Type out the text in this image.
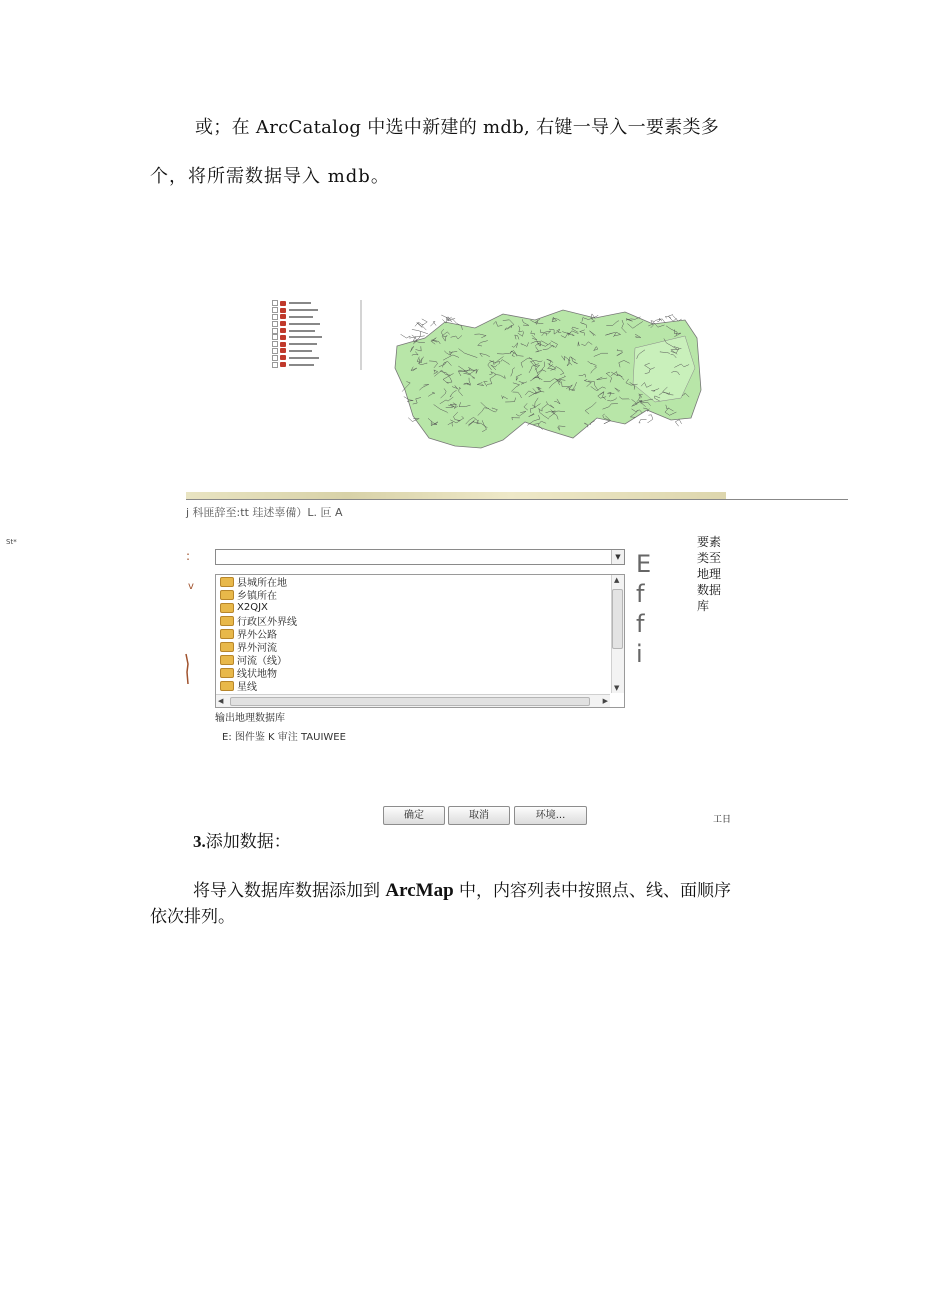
或；在 ArcCatalog 中选中新建的 mdb, 右键一导入一要素类多
个，将所需数据导入 mdb。
j 科匪辞至:tt 珪述辜備）L. 叵 A
St*
:
v
▼
县城所在地
乡镇所在
X2QJX
行政区外界线
界外公路
界外河流
河流（线）
线状地物
星线
▲
▼
◀	▶
输出地理数据库
E: 图件鉴 K 审注 TAUIWEE
E
f
f
i
要素类至地理数据库
确定	取消	环境...	工日
3.添加数据：
将导入数据库数据添加到 ArcMap 中，内容列表中按照点、线、面顺序
依次排列。
